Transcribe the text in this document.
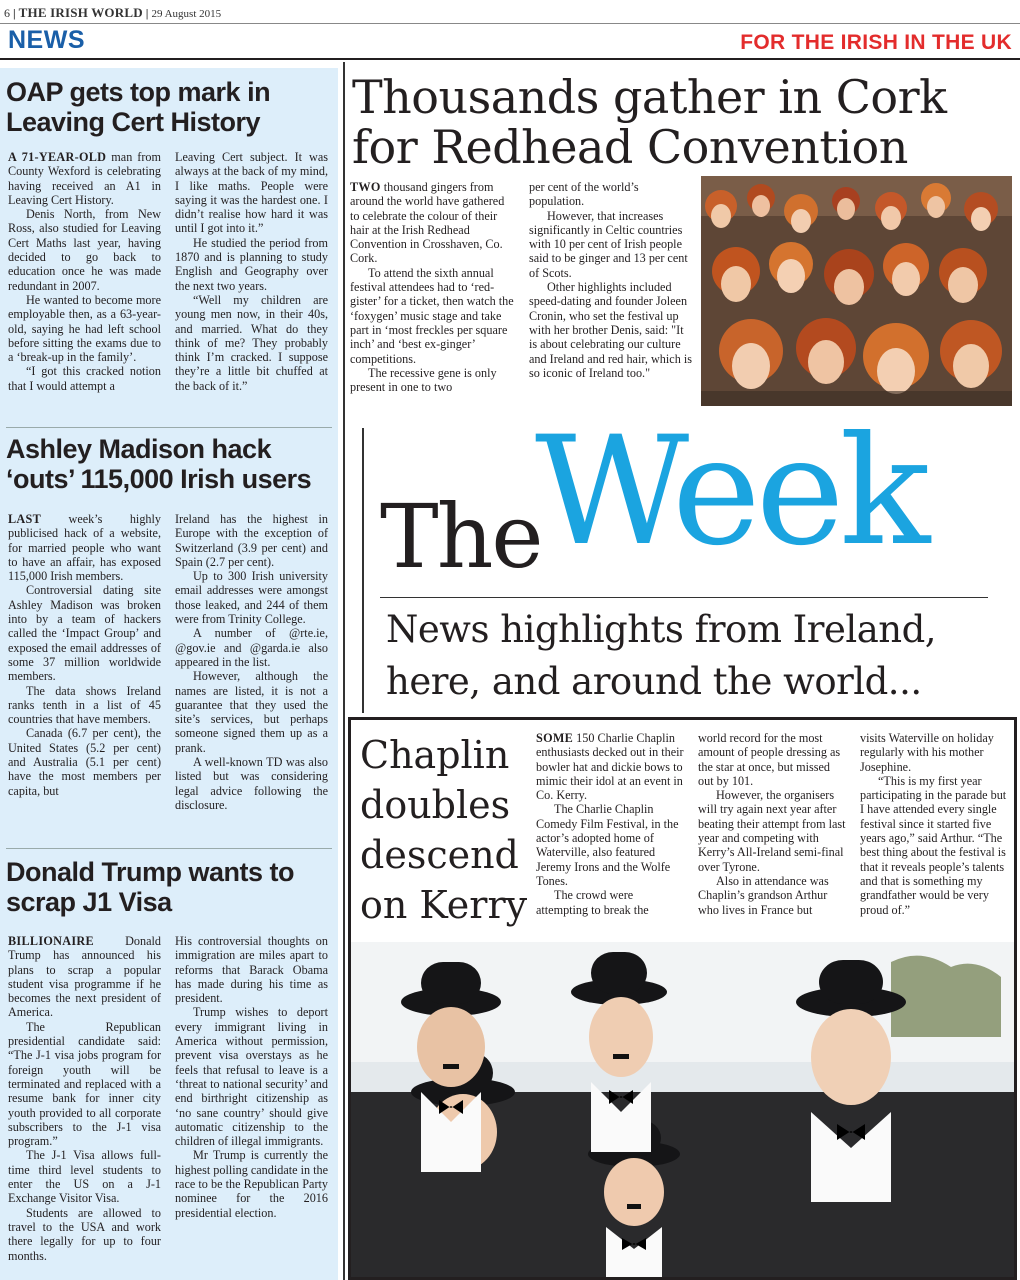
6 | THE IRISH WORLD | 29 August 2015
NEWS	FOR THE IRISH IN THE UK
OAP gets top mark in Leaving Cert History

A 71-YEAR-OLD man from County Wexford is celebrating having received an A1 in Leaving Cert History.

Denis North, from New Ross, also studied for Leaving Cert Maths last year, having decided to go back to education once he was made redundant in 2007.

He wanted to become more employable then, as a 63-year-old, saying he had left school before sitting the exams due to a ‘break-up in the family’.

“I got this cracked notion that I would attempt a

Leaving Cert subject. It was always at the back of my mind, I like maths. People were saying it was the hardest one. I didn’t realise how hard it was until I got into it.”

He studied the period from 1870 and is planning to study English and Geography over the next two years.

“Well my children are young men now, in their 40s, and married. What do they think of me? They probably think I’m cracked. I suppose they’re a little bit chuffed at the back of it.”

Ashley Madison hack ‘outs’ 115,000 Irish users

LAST week’s highly publicised hack of a website, for married people who want to have an affair, has exposed 115,000 Irish members.

Controversial dating site Ashley Madison was broken into by a team of hackers called the ‘Impact Group’ and exposed the email addresses of some 37 million worldwide members.

The data shows Ireland ranks tenth in a list of 45 countries that have members.

Canada (6.7 per cent), the United States (5.2 per cent) and Australia (5.1 per cent) have the most members per capita, but

Ireland has the highest in Europe with the exception of Switzerland (3.9 per cent) and Spain (2.7 per cent).

Up to 300 Irish university email addresses were amongst those leaked, and 244 of them were from Trinity College.

A number of @rte.ie, @gov.ie and @garda.ie also appeared in the list.

However, although the names are listed, it is not a guarantee that they used the site’s services, but perhaps someone signed them up as a prank.

A well-known TD was also listed but was considering legal advice following the disclosure.

Donald Trump wants to scrap J1 Visa

BILLIONAIRE Donald Trump has announced his plans to scrap a popular student visa programme if he becomes the next president of America.

The Republican presidential candidate said: “The J-1 visa jobs program for foreign youth will be terminated and replaced with a resume bank for inner city youth provided to all corporate subscribers to the J-1 visa program.”

The J-1 Visa allows full-time third level students to enter the US on a J-1 Exchange Visitor Visa.

Students are allowed to travel to the USA and work there legally for up to four months.

His controversial thoughts on immigration are miles apart to reforms that Barack Obama has made during his time as president.

Trump wishes to deport every immigrant living in America without permission, prevent visa overstays as he feels that refusal to leave is a ‘threat to national security’ and end birthright citizenship as ‘no sane country’ should give automatic citizenship to the children of illegal immigrants.

Mr Trump is currently the highest polling candidate in the race to be the Republican Party nominee for the 2016 presidential election.

Thousands gather in Cork for Redhead Convention

TWO thousand gingers from around the world have gathered to celebrate the colour of their hair at the Irish Redhead Convention in Crosshaven, Co. Cork.

To attend the sixth annual festival attendees had to ‘red-gister’ for a ticket, then watch the ‘foxygen’ music stage and take part in ‘most freckles per square inch’ and ‘best ex-ginger’ competitions.

The recessive gene is only present in one to two

per cent of the world’s population.

However, that increases significantly in Celtic countries with 10 per cent of Irish people said to be ginger and 13 per cent of Scots.

Other highlights included speed-dating and founder Joleen Cronin, who set the festival up with her brother Denis, said: "It is about celebrating our culture and Ireland and red hair, which is so iconic of Ireland too."

Week
The
News highlights from Ireland, here, and around the world...
Chaplin doubles descend on Kerry

SOME 150 Charlie Chaplin enthusiasts decked out in their bowler hat and dickie bows to mimic their idol at an event in Co. Kerry.

The Charlie Chaplin Comedy Film Festival, in the actor’s adopted home of Waterville, also featured Jeremy Irons and the Wolfe Tones.

The crowd were attempting to break the

world record for the most amount of people dressing as the star at once, but missed out by 101.

However, the organisers will try again next year after beating their attempt from last year and competing with Kerry’s All-Ireland semi-final over Tyrone.

Also in attendance was Chaplin’s grandson Arthur who lives in France but

visits Waterville on holiday regularly with his mother Josephine.

“This is my first year participating in the parade but I have attended every single festival since it started five years ago,” said Arthur. “The best thing about the festival is that it reveals people’s talents and that is something my grandfather would be very proud of.”
